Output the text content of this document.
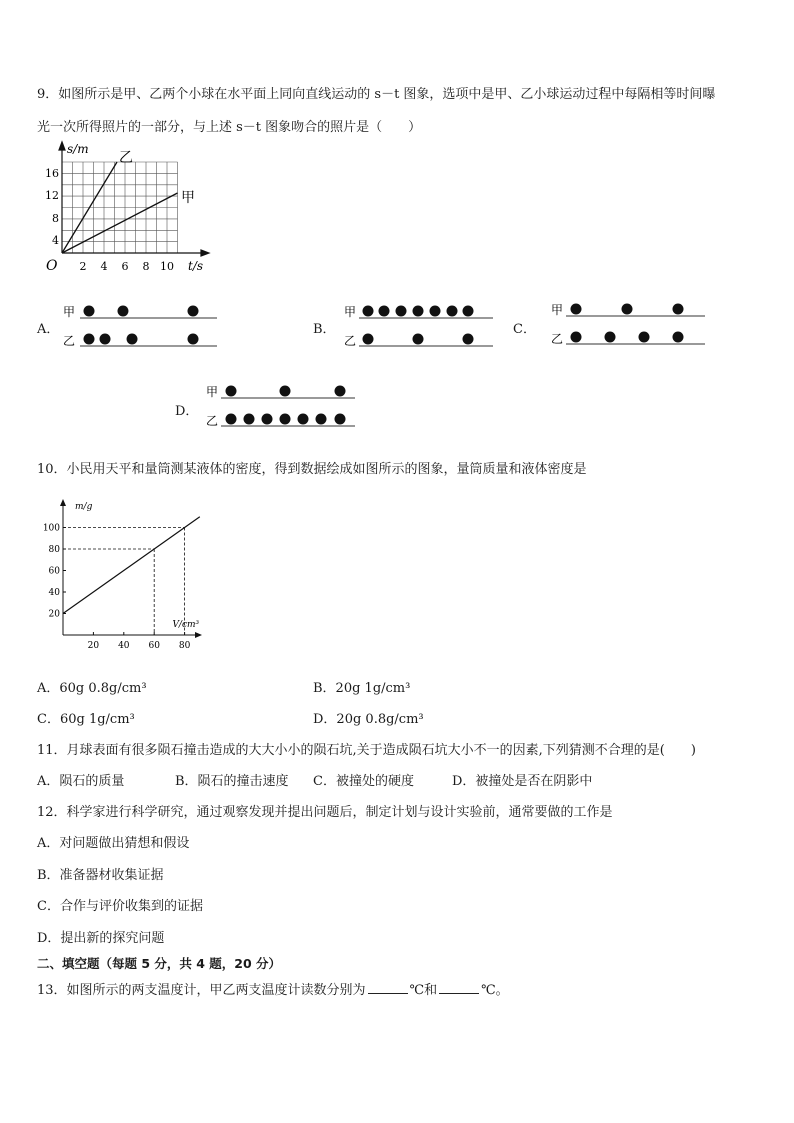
9．如图所示是甲、乙两个小球在水平面上同向直线运动的 s－t 图象，选项中是甲、乙小球运动过程中每隔相等时间曝
光一次所得照片的一部分，与上述 s－t 图象吻合的照片是（　　）
乙
甲
s/m
t/s
O
16
12
8
4
2 4 6 8 10
A．
甲
乙
B．
甲
乙
C．
甲
乙
D．
甲
乙
10．小民用天平和量筒测某液体的密度，得到数据绘成如图所示的图象，量筒质量和液体密度是
100
80
60
40
20
20 40 60 80
m/g
V/cm³
A．60g 0.8g/cm³	B．20g 1g/cm³
C．60g 1g/cm³	D．20g 0.8g/cm³
11．月球表面有很多陨石撞击造成的大大小小的陨石坑,关于造成陨石坑大小不一的因素,下列猜测不合理的是(　　)
A．陨石的质量	B．陨石的撞击速度 C．被撞处的硬度	D．被撞处是否在阴影中
12．科学家进行科学研究，通过观察发现并提出问题后，制定计划与设计实验前，通常要做的工作是
A．对问题做出猜想和假设
B．准备器材收集证据
C．合作与评价收集到的证据
D．提出新的探究问题
二、填空题（每题 5 分，共 4 题，20 分）
13．如图所示的两支温度计，甲乙两支温度计读数分别为	℃和	℃。
